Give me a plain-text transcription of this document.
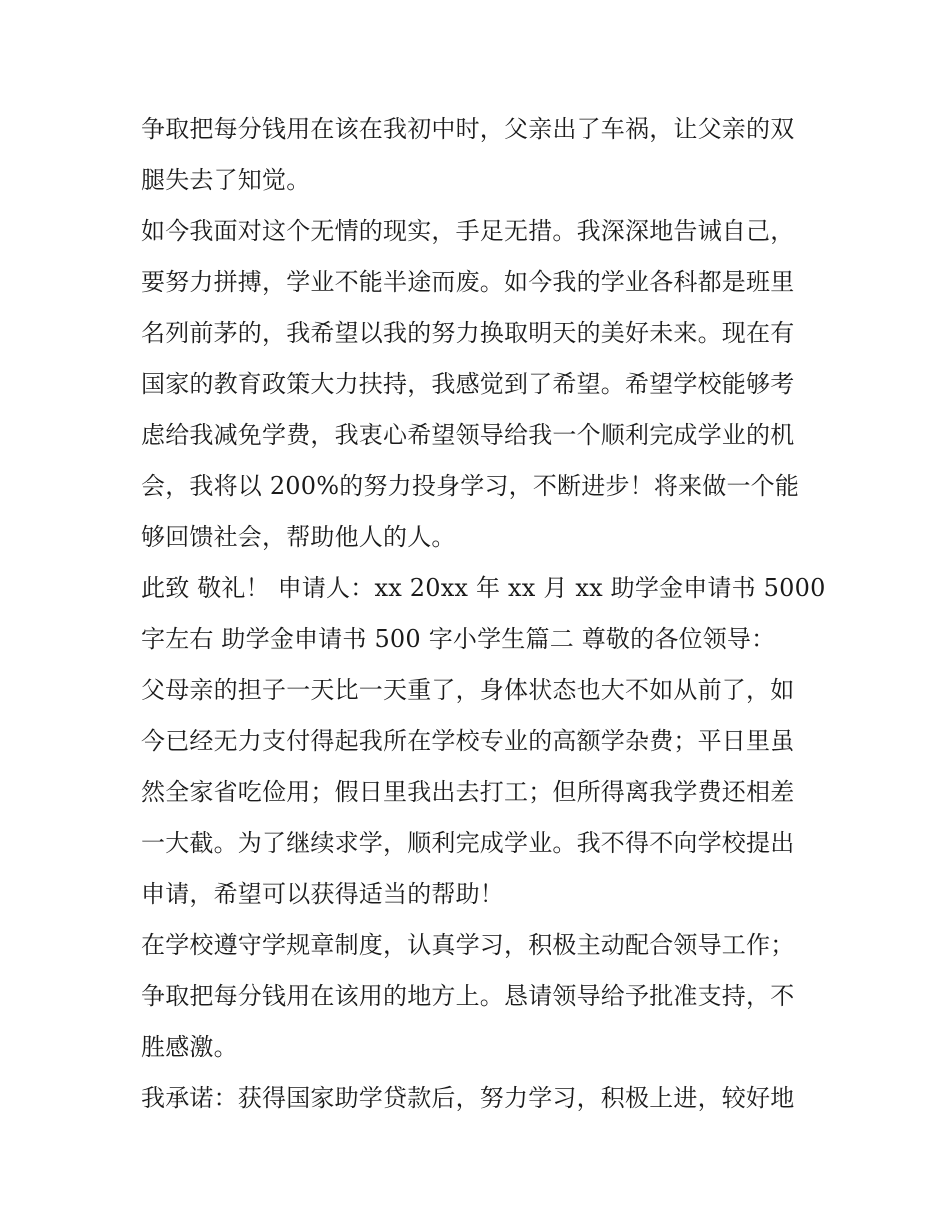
争取把每分钱用在该在我初中时，父亲出了车祸，让父亲的双
腿失去了知觉。
如今我面对这个无情的现实，手足无措。我深深地告诫自己，
要努力拼搏，学业不能半途而废。如今我的学业各科都是班里
名列前茅的，我希望以我的努力换取明天的美好未来。现在有
国家的教育政策大力扶持，我感觉到了希望。希望学校能够考
虑给我减免学费，我衷心希望领导给我一个顺利完成学业的机
会，我将以 200%的努力投身学习，不断进步！将来做一个能
够回馈社会，帮助他人的人。
此致 敬礼！ 申请人：xx 20xx 年 xx 月 xx 助学金申请书 5000
字左右 助学金申请书 500 字小学生篇二 尊敬的各位领导：
父母亲的担子一天比一天重了，身体状态也大不如从前了，如
今已经无力支付得起我所在学校专业的高额学杂费；平日里虽
然全家省吃俭用；假日里我出去打工；但所得离我学费还相差
一大截。为了继续求学，顺利完成学业。我不得不向学校提出
申请，希望可以获得适当的帮助！
在学校遵守学规章制度，认真学习，积极主动配合领导工作；
争取把每分钱用在该用的地方上。恳请领导给予批准支持，不
胜感激。
我承诺：获得国家助学贷款后，努力学习，积极上进，较好地
